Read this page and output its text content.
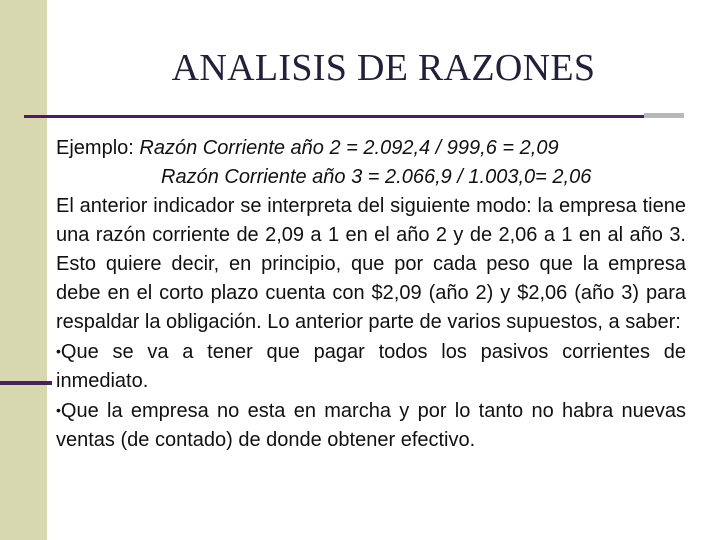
ANALISIS DE RAZONES

Ejemplo: Razón Corriente año 2 = 2.092,4 / 999,6 = 2,09

Razón Corriente año 3 = 2.066,9 / 1.003,0= 2,06

El anterior indicador se interpreta del siguiente modo: la empresa tiene una razón corriente de 2,09 a 1 en el año 2 y de 2,06 a 1 en al año 3. Esto quiere decir, en principio, que por cada peso que la empresa debe en el corto plazo cuenta con $2,09 (año 2) y $2,06 (año 3) para respaldar la obligación. Lo anterior parte de varios supuestos, a saber:

•Que se va a tener que pagar todos los pasivos corrientes de inmediato.

•Que la empresa no esta en marcha y por lo tanto no habra nuevas ventas (de contado) de donde obtener efectivo.
